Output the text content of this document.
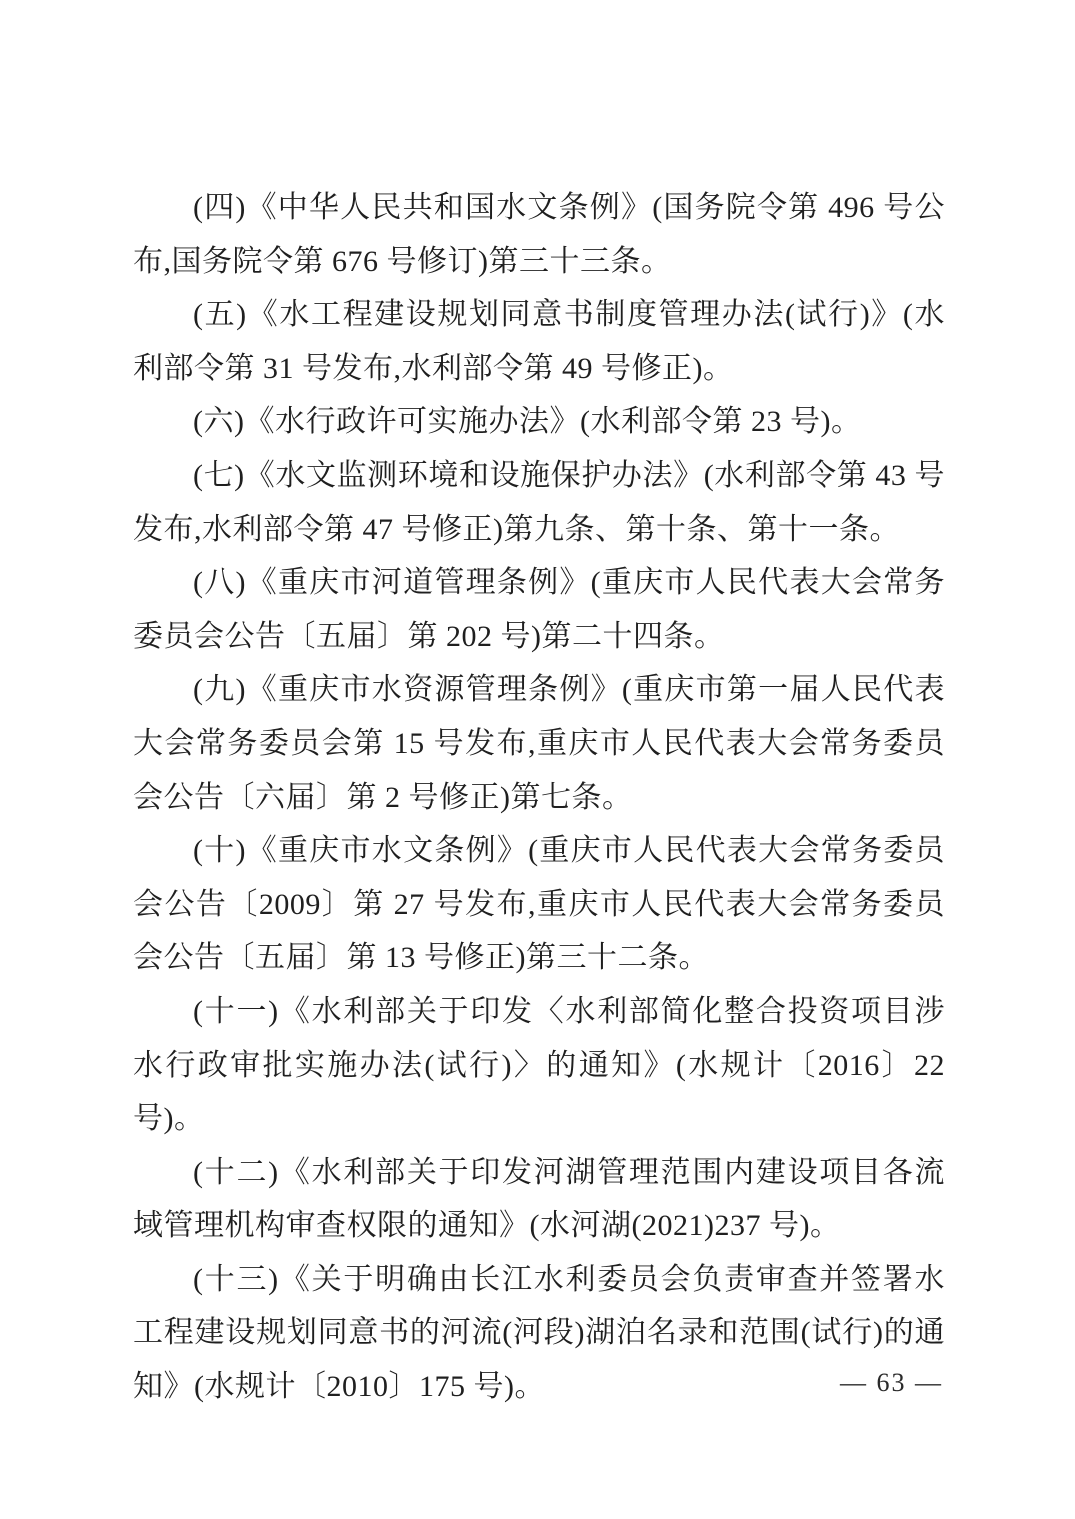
(四)《中华人民共和国水文条例》(国务院令第 496 号公布,国务院令第 676 号修订)第三十三条。

(五)《水工程建设规划同意书制度管理办法(试行)》(水利部令第 31 号发布,水利部令第 49 号修正)。

(六)《水行政许可实施办法》(水利部令第 23 号)。

(七)《水文监测环境和设施保护办法》(水利部令第 43 号发布,水利部令第 47 号修正)第九条、第十条、第十一条。

(八)《重庆市河道管理条例》(重庆市人民代表大会常务委员会公告〔五届〕第 202 号)第二十四条。

(九)《重庆市水资源管理条例》(重庆市第一届人民代表大会常务委员会第 15 号发布,重庆市人民代表大会常务委员会公告〔六届〕第 2 号修正)第七条。

(十)《重庆市水文条例》(重庆市人民代表大会常务委员会公告〔2009〕第 27 号发布,重庆市人民代表大会常务委员会公告〔五届〕第 13 号修正)第三十二条。

(十一)《水利部关于印发〈水利部简化整合投资项目涉水行政审批实施办法(试行)〉的通知》(水规计〔2016〕22 号)。

(十二)《水利部关于印发河湖管理范围内建设项目各流域管理机构审查权限的通知》(水河湖(2021)237 号)。

(十三)《关于明确由长江水利委员会负责审查并签署水工程建设规划同意书的河流(河段)湖泊名录和范围(试行)的通知》(水规计〔2010〕175 号)。	— 63 —
